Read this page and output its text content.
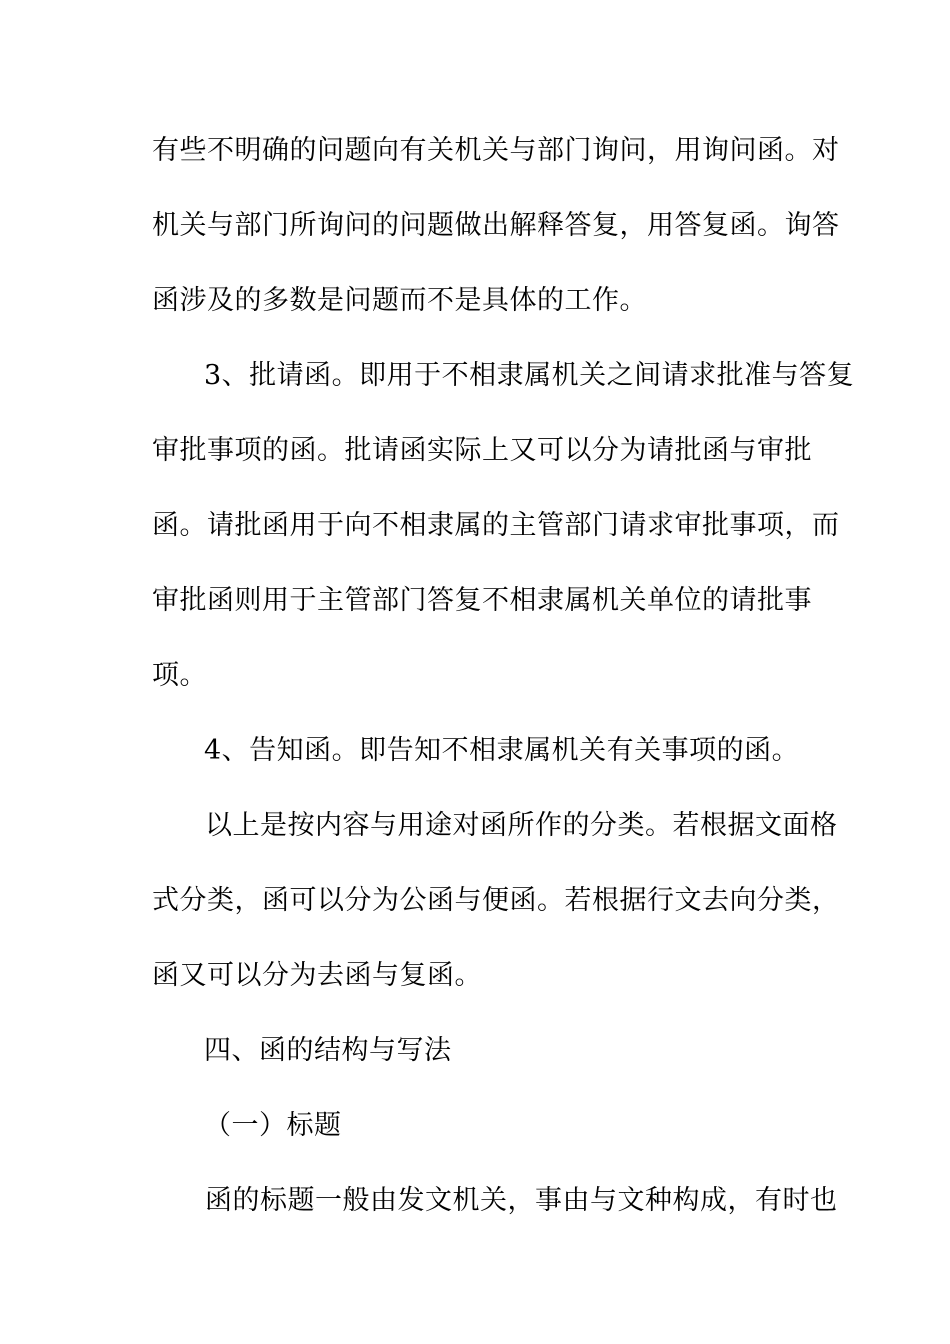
有些不明确的问题向有关机关与部门询问，用询问函。对
机关与部门所询问的问题做出解释答复，用答复函。询答
函涉及的多数是问题而不是具体的工作。
3、批请函。即用于不相隶属机关之间请求批准与答复
审批事项的函。批请函实际上又可以分为请批函与审批
函。请批函用于向不相隶属的主管部门请求审批事项，而
审批函则用于主管部门答复不相隶属机关单位的请批事
项。
4、告知函。即告知不相隶属机关有关事项的函。
以上是按内容与用途对函所作的分类。若根据文面格
式分类，函可以分为公函与便函。若根据行文去向分类，
函又可以分为去函与复函。
四、函的结构与写法
（一）标题
函的标题一般由发文机关，事由与文种构成，有时也
